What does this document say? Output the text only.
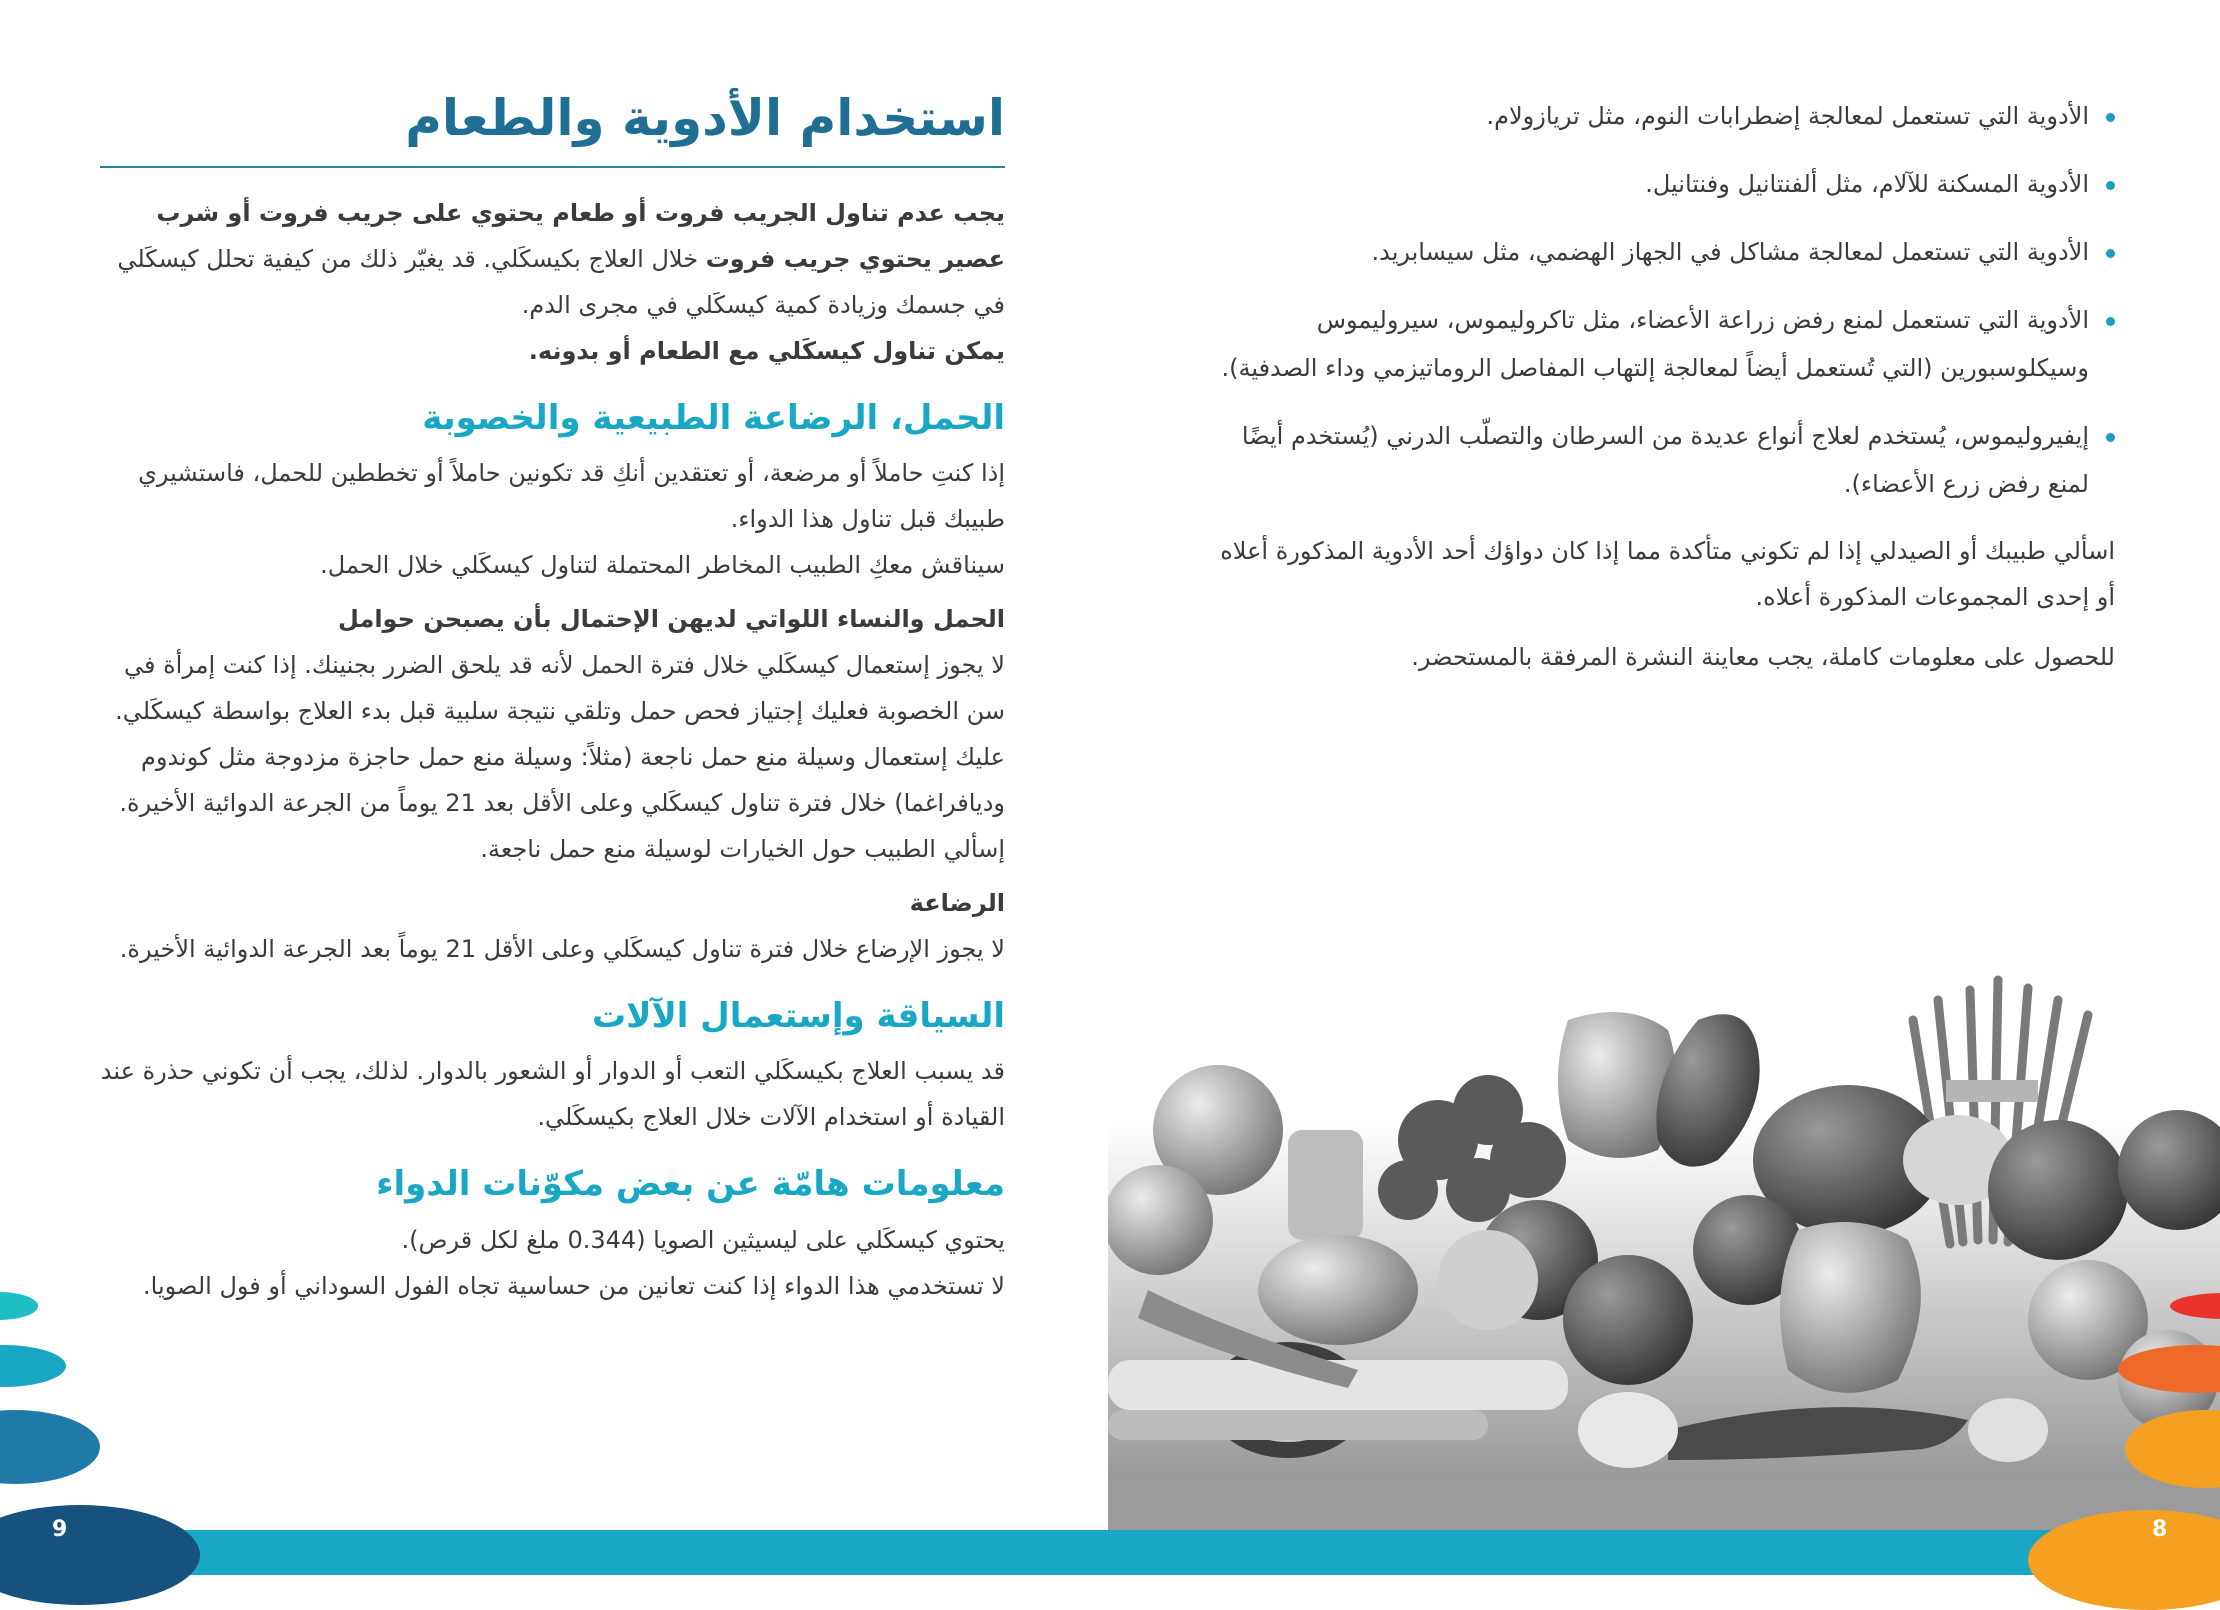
استخدام الأدوية والطعام

يجب عدم تناول الجريب فروت أو طعام يحتوي على جريب فروت أو شرب عصير يحتوي جريب فروت خلال العلاج بكيسكَلي. قد يغيّر ذلك من كيفية تحلل كيسكَلي في جسمك وزيادة كمية كيسكَلي في مجرى الدم.

يمكن تناول كيسكَلي مع الطعام أو بدونه.

الحمل، الرضاعة الطبيعية والخصوبة

إذا كنتِ حاملاً أو مرضعة، أو تعتقدين أنكِ قد تكونين حاملاً أو تخططين للحمل، فاستشيري طبيبك قبل تناول هذا الدواء.

سيناقش معكِ الطبيب المخاطر المحتملة لتناول كيسكَلي خلال الحمل.

الحمل والنساء اللواتي لديهن الإحتمال بأن يصبحن حوامل

لا يجوز إستعمال كيسكَلي خلال فترة الحمل لأنه قد يلحق الضرر بجنينك. إذا كنت إمرأة في سن الخصوبة فعليك إجتياز فحص حمل وتلقي نتيجة سلبية قبل بدء العلاج بواسطة كيسكَلي. عليك إستعمال وسيلة منع حمل ناجعة (مثلاً: وسيلة منع حمل حاجزة مزدوجة مثل كوندوم وديافراغما) خلال فترة تناول كيسكَلي وعلى الأقل بعد 21 يوماً من الجرعة الدوائية الأخيرة. إسألي الطبيب حول الخيارات لوسيلة منع حمل ناجعة.

الرضاعة

لا يجوز الإرضاع خلال فترة تناول كيسكَلي وعلى الأقل 21 يوماً بعد الجرعة الدوائية الأخيرة.

السياقة وإستعمال الآلات

قد يسبب العلاج بكيسكَلي التعب أو الدوار أو الشعور بالدوار. لذلك، يجب أن تكوني حذرة عند القيادة أو استخدام الآلات خلال العلاج بكيسكَلي.

معلومات هامّة عن بعض مكوّنات الدواء

يحتوي كيسكَلي على ليسيثين الصويا (0.344 ملغ لكل قرص).

لا تستخدمي هذا الدواء إذا كنت تعانين من حساسية تجاه الفول السوداني أو فول الصويا.

الأدوية التي تستعمل لمعالجة إضطرابات النوم، مثل تريازولام.
الأدوية المسكنة للآلام، مثل ألفنتانيل وفنتانيل.
الأدوية التي تستعمل لمعالجة مشاكل في الجهاز الهضمي، مثل سيسابريد.
الأدوية التي تستعمل لمنع رفض زراعة الأعضاء، مثل تاكروليموس، سيروليموس وسيكلوسبورين (التي تُستعمل أيضاً لمعالجة إلتهاب المفاصل الروماتيزمي وداء الصدفية).
إيفيروليموس، يُستخدم لعلاج أنواع عديدة من السرطان والتصلّب الدرني (يُستخدم أيضًا لمنع رفض زرع الأعضاء).

اسألي طبيبك أو الصيدلي إذا لم تكوني متأكدة مما إذا كان دواؤك أحد الأدوية المذكورة أعلاه أو إحدى المجموعات المذكورة أعلاه.

للحصول على معلومات كاملة، يجب معاينة النشرة المرفقة بالمستحضر.

9	8
